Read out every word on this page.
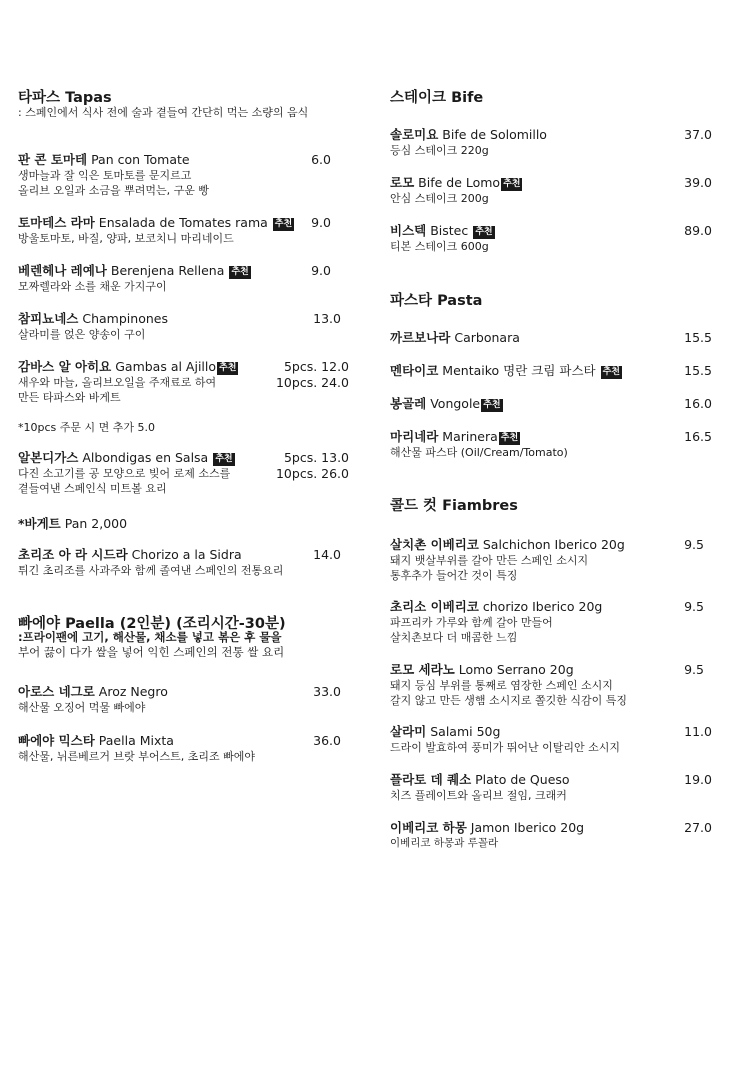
타파스 Tapas
: 스페인에서 식사 전에 술과 곁들여 간단히 먹는 소량의 음식
판 콘 토마테 Pan con Tomate	6.0
생마늘과 잘 익은 토마토를 문지르고
올리브 오일과 소금을 뿌려먹는, 구운 빵
토마테스 라마 Ensalada de Tomates rama 추천	9.0
방울토마토, 바질, 양파, 보코치니 마리네이드
베렌헤나 레예나 Berenjena Rellena 추천	9.0
모짜렐라와 소를 채운 가지구이
참피뇨네스 Champinones	13.0
살라미를 얹은 양송이 구이
감바스 알 아히요 Gambas al Ajillo 추천	5pcs. 12.0
10pcs. 24.0
새우와 마늘, 올리브오일을 주재료로 하여
만든 타파스와 바게트
*10pcs 주문 시 면 추가 5.0
알본디가스 Albondigas en Salsa 추천	5pcs. 13.0
10pcs. 26.0
다진 소고기를 공 모양으로 빚어 로제 소스를
곁들여낸 스페인식 미트볼 요리
*바게트 Pan 2,000
초리조 아 라 시드라 Chorizo a la Sidra	14.0
튀긴 초리조를 사과주와 함께 졸여낸 스페인의 전통요리
빠에야 Paella (2인분) (조리시간-30분)
:프라이팬에 고기, 해산물, 채소를 넣고 볶은 후 물을
부어 끓이 다가 쌀을 넣어 익힌 스페인의 전통 쌀 요리
아로스 네그로 Aroz Negro	33.0
해산물 오징어 먹물 빠에야
빠에야 믹스타 Paella Mixta	36.0
해산물, 뉘른베르거 브랏 부어스트, 초리조 빠에야
스테이크 Bife
솔로미요 Bife de Solomillo	37.0
등심 스테이크 220g
로모 Bife de Lomo 추천	39.0
안심 스테이크 200g
비스텍 Bistec 추천	89.0
티본 스테이크 600g
파스타 Pasta
까르보나라 Carbonara	15.5
멘타이코 Mentaiko 명란 크림 파스타 추천	15.5
봉골레 Vongole 추천	16.0
마리네라 Marinera 추천	16.5
해산물 파스타 (Oil/Cream/Tomato)
콜드 컷 Fiambres
살치촌 이베리코 Salchichon Iberico 20g	9.5
돼지 뱃살부위를 갈아 만든 스페인 소시지
통후추가 들어간 것이 특징
초리소 이베리코 chorizo Iberico 20g	9.5
파프리카 가루와 함께 갈아 만들어
살치촌보다 더 매콤한 느낌
로모 세라노 Lomo Serrano 20g	9.5
돼지 등심 부위를 통째로 염장한 스페인 소시지
갈지 않고 만든 생햄 소시지로 쫄깃한 식감이 특징
살라미 Salami 50g	11.0
드라이 발효하여 풍미가 뛰어난 이탈리안 소시지
플라토 데 퀘소 Plato de Queso	19.0
치즈 플레이트와 올리브 절임, 크래커
이베리코 하몽 Jamon Iberico 20g	27.0
이베리코 하몽과 루꼴라
